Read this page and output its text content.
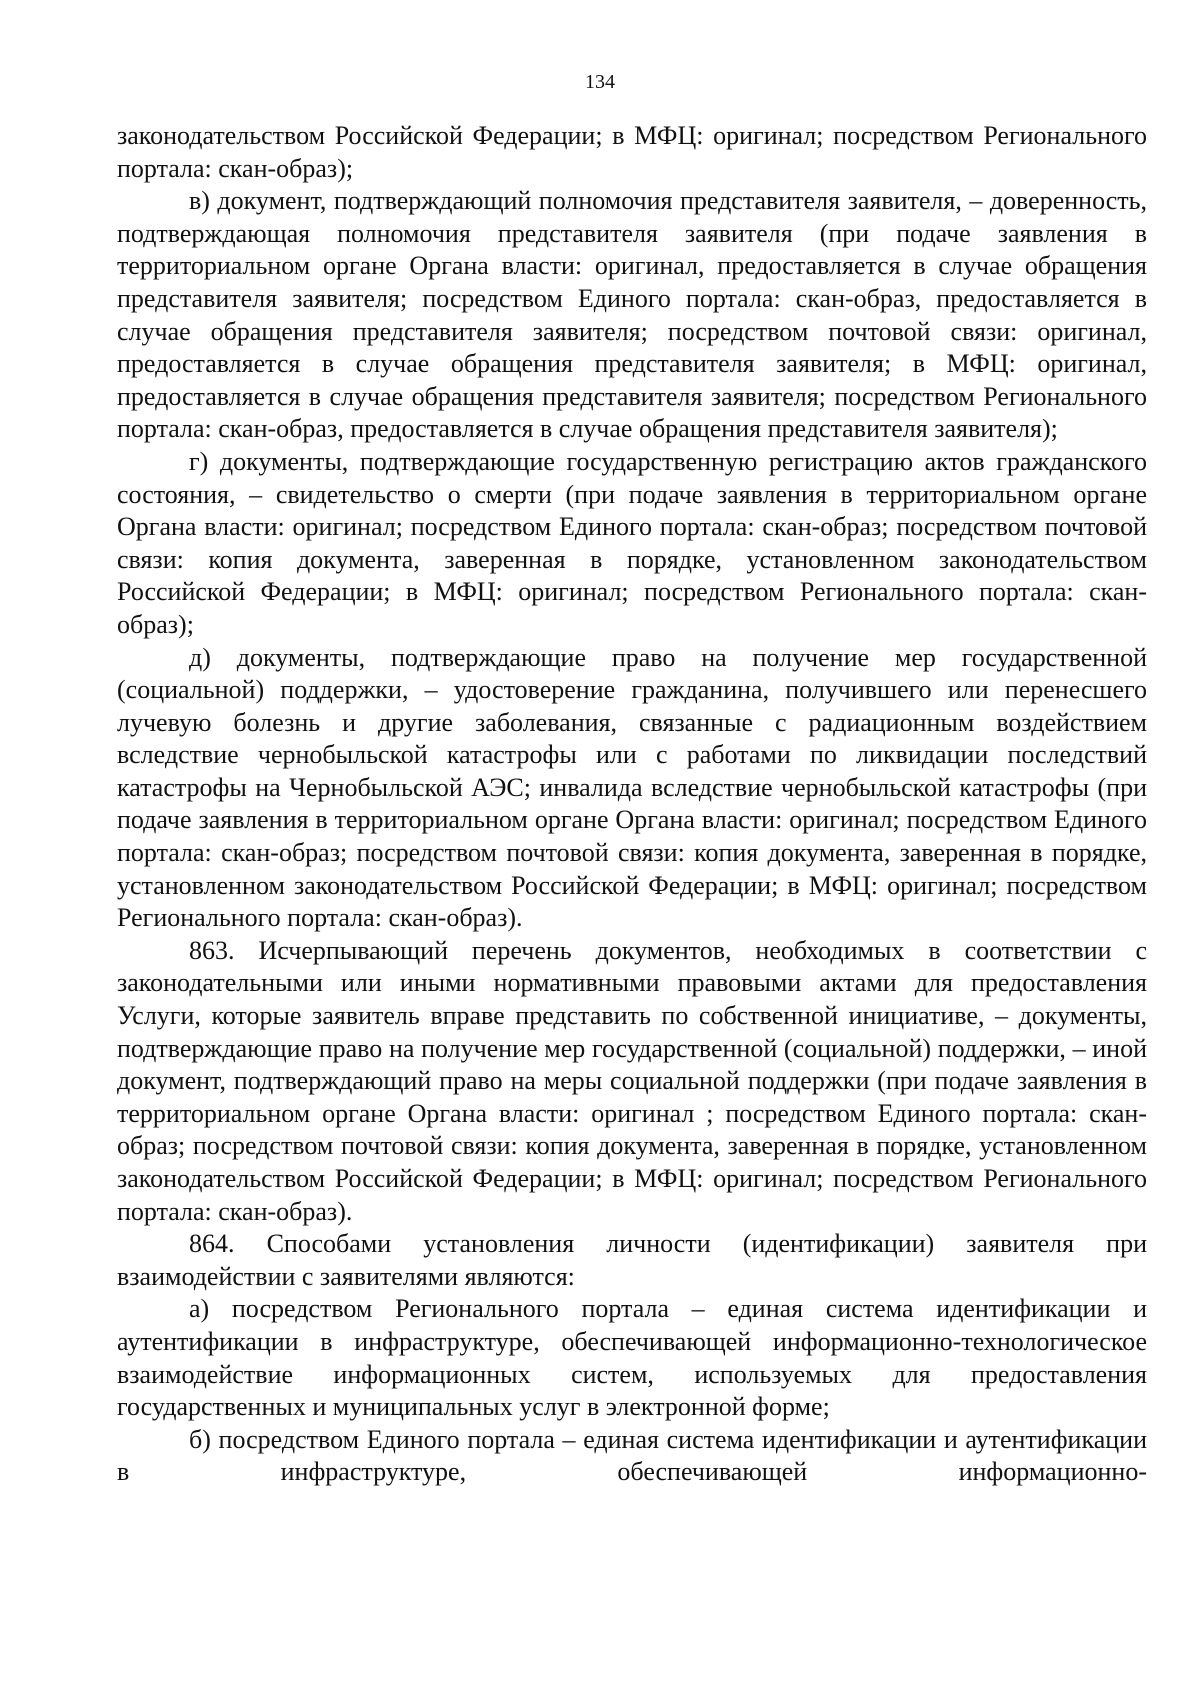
134

законодательством Российской Федерации; в МФЦ: оригинал; посредством Регионального портала: скан-образ);

в) документ, подтверждающий полномочия представителя заявителя, – доверенность, подтверждающая полномочия представителя заявителя (при подаче заявления в территориальном органе Органа власти: оригинал, предоставляется в случае обращения представителя заявителя; посредством Единого портала: скан-образ, предоставляется в случае обращения представителя заявителя; посредством почтовой связи: оригинал, предоставляется в случае обращения представителя заявителя; в МФЦ: оригинал, предоставляется в случае обращения представителя заявителя; посредством Регионального портала: скан-образ, предоставляется в случае обращения представителя заявителя);

г) документы, подтверждающие государственную регистрацию актов гражданского состояния, – свидетельство о смерти (при подаче заявления в территориальном органе Органа власти: оригинал; посредством Единого портала: скан-образ; посредством почтовой связи: копия документа, заверенная в порядке, установленном законодательством Российской Федерации; в МФЦ: оригинал; посредством Регионального портала: скан-образ);

д) документы, подтверждающие право на получение мер государственной (социальной) поддержки, – удостоверение гражданина, получившего или перенесшего лучевую болезнь и другие заболевания, связанные с радиационным воздействием вследствие чернобыльской катастрофы или с работами по ликвидации последствий катастрофы на Чернобыльской АЭС; инвалида вследствие чернобыльской катастрофы (при подаче заявления в территориальном органе Органа власти: оригинал; посредством Единого портала: скан-образ; посредством почтовой связи: копия документа, заверенная в порядке, установленном законодательством Российской Федерации; в МФЦ: оригинал; посредством Регионального портала: скан-образ).

863. Исчерпывающий перечень документов, необходимых в соответствии с законодательными или иными нормативными правовыми актами для предоставления Услуги, которые заявитель вправе представить по собственной инициативе, – документы, подтверждающие право на получение мер государственной (социальной) поддержки, – иной документ, подтверждающий право на меры социальной поддержки (при подаче заявления в территориальном органе Органа власти: оригинал ; посредством Единого портала: скан-образ; посредством почтовой связи: копия документа, заверенная в порядке, установленном законодательством Российской Федерации; в МФЦ: оригинал; посредством Регионального портала: скан-образ).

864. Способами установления личности (идентификации) заявителя при взаимодействии с заявителями являются:

а) посредством Регионального портала – единая система идентификации и аутентификации в инфраструктуре, обеспечивающей информационно-технологическое взаимодействие информационных систем, используемых для предоставления государственных и муниципальных услуг в электронной форме;

б) посредством Единого портала – единая система идентификации и аутентификации в инфраструктуре, обеспечивающей информационно-
